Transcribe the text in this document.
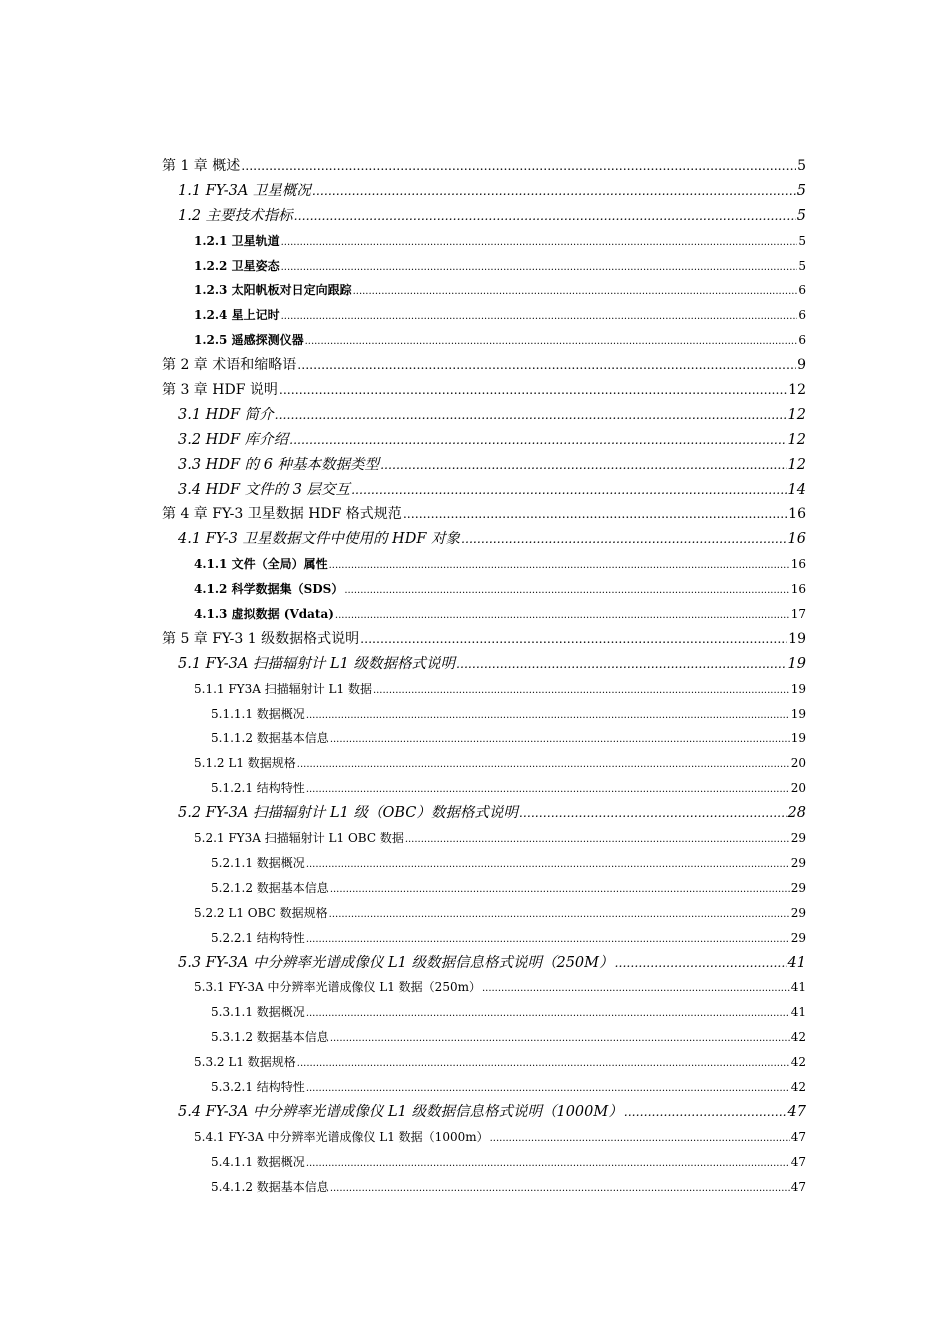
第 1 章 概述 .....	5
1.1 FY-3A 卫星概况 .....	5
1.2 主要技术指标 .....	5
1.2.1 卫星轨道 .....	5
1.2.2 卫星姿态 .....	5
1.2.3 太阳帆板对日定向跟踪 .....	6
1.2.4 星上记时 .....	6
1.2.5 遥感探测仪器 .....	6
第 2 章 术语和缩略语 .....	9
第 3 章 HDF 说明 .....	12
3.1 HDF 简介 .....	12
3.2 HDF 库介绍 .....	12
3.3 HDF 的 6 种基本数据类型 .....	12
3.4 HDF 文件的 3 层交互 .....	14
第 4 章 FY-3 卫星数据 HDF 格式规范 .....	16
4.1 FY-3 卫星数据文件中使用的 HDF 对象 .....	16
4.1.1 文件（全局）属性 .....	16
4.1.2 科学数据集（SDS） .....	16
4.1.3 虚拟数据 (Vdata) .....	17
第 5 章 FY-3 1 级数据格式说明 .....	19
5.1 FY-3A 扫描辐射计 L1 级数据格式说明 .....	19
5.1.1 FY3A 扫描辐射计 L1 数据 .....	19
5.1.1.1 数据概况 .....	19
5.1.1.2 数据基本信息 .....	19
5.1.2 L1 数据规格 .....	20
5.1.2.1 结构特性 .....	20
5.2 FY-3A 扫描辐射计 L1 级（OBC）数据格式说明 .....	28
5.2.1 FY3A 扫描辐射计 L1 OBC 数据 .....	29
5.2.1.1 数据概况 .....	29
5.2.1.2 数据基本信息 .....	29
5.2.2 L1 OBC 数据规格 .....	29
5.2.2.1 结构特性 .....	29
5.3 FY-3A 中分辨率光谱成像仪 L1 级数据信息格式说明（250M） .....	41
5.3.1 FY-3A 中分辨率光谱成像仪 L1 数据（250m） .....	41
5.3.1.1 数据概况 .....	41
5.3.1.2 数据基本信息 .....	42
5.3.2 L1 数据规格 .....	42
5.3.2.1 结构特性 .....	42
5.4 FY-3A 中分辨率光谱成像仪 L1 级数据信息格式说明（1000M） .....	47
5.4.1 FY-3A 中分辨率光谱成像仪 L1 数据（1000m） .....	47
5.4.1.1 数据概况 .....	47
5.4.1.2 数据基本信息 .....	47
